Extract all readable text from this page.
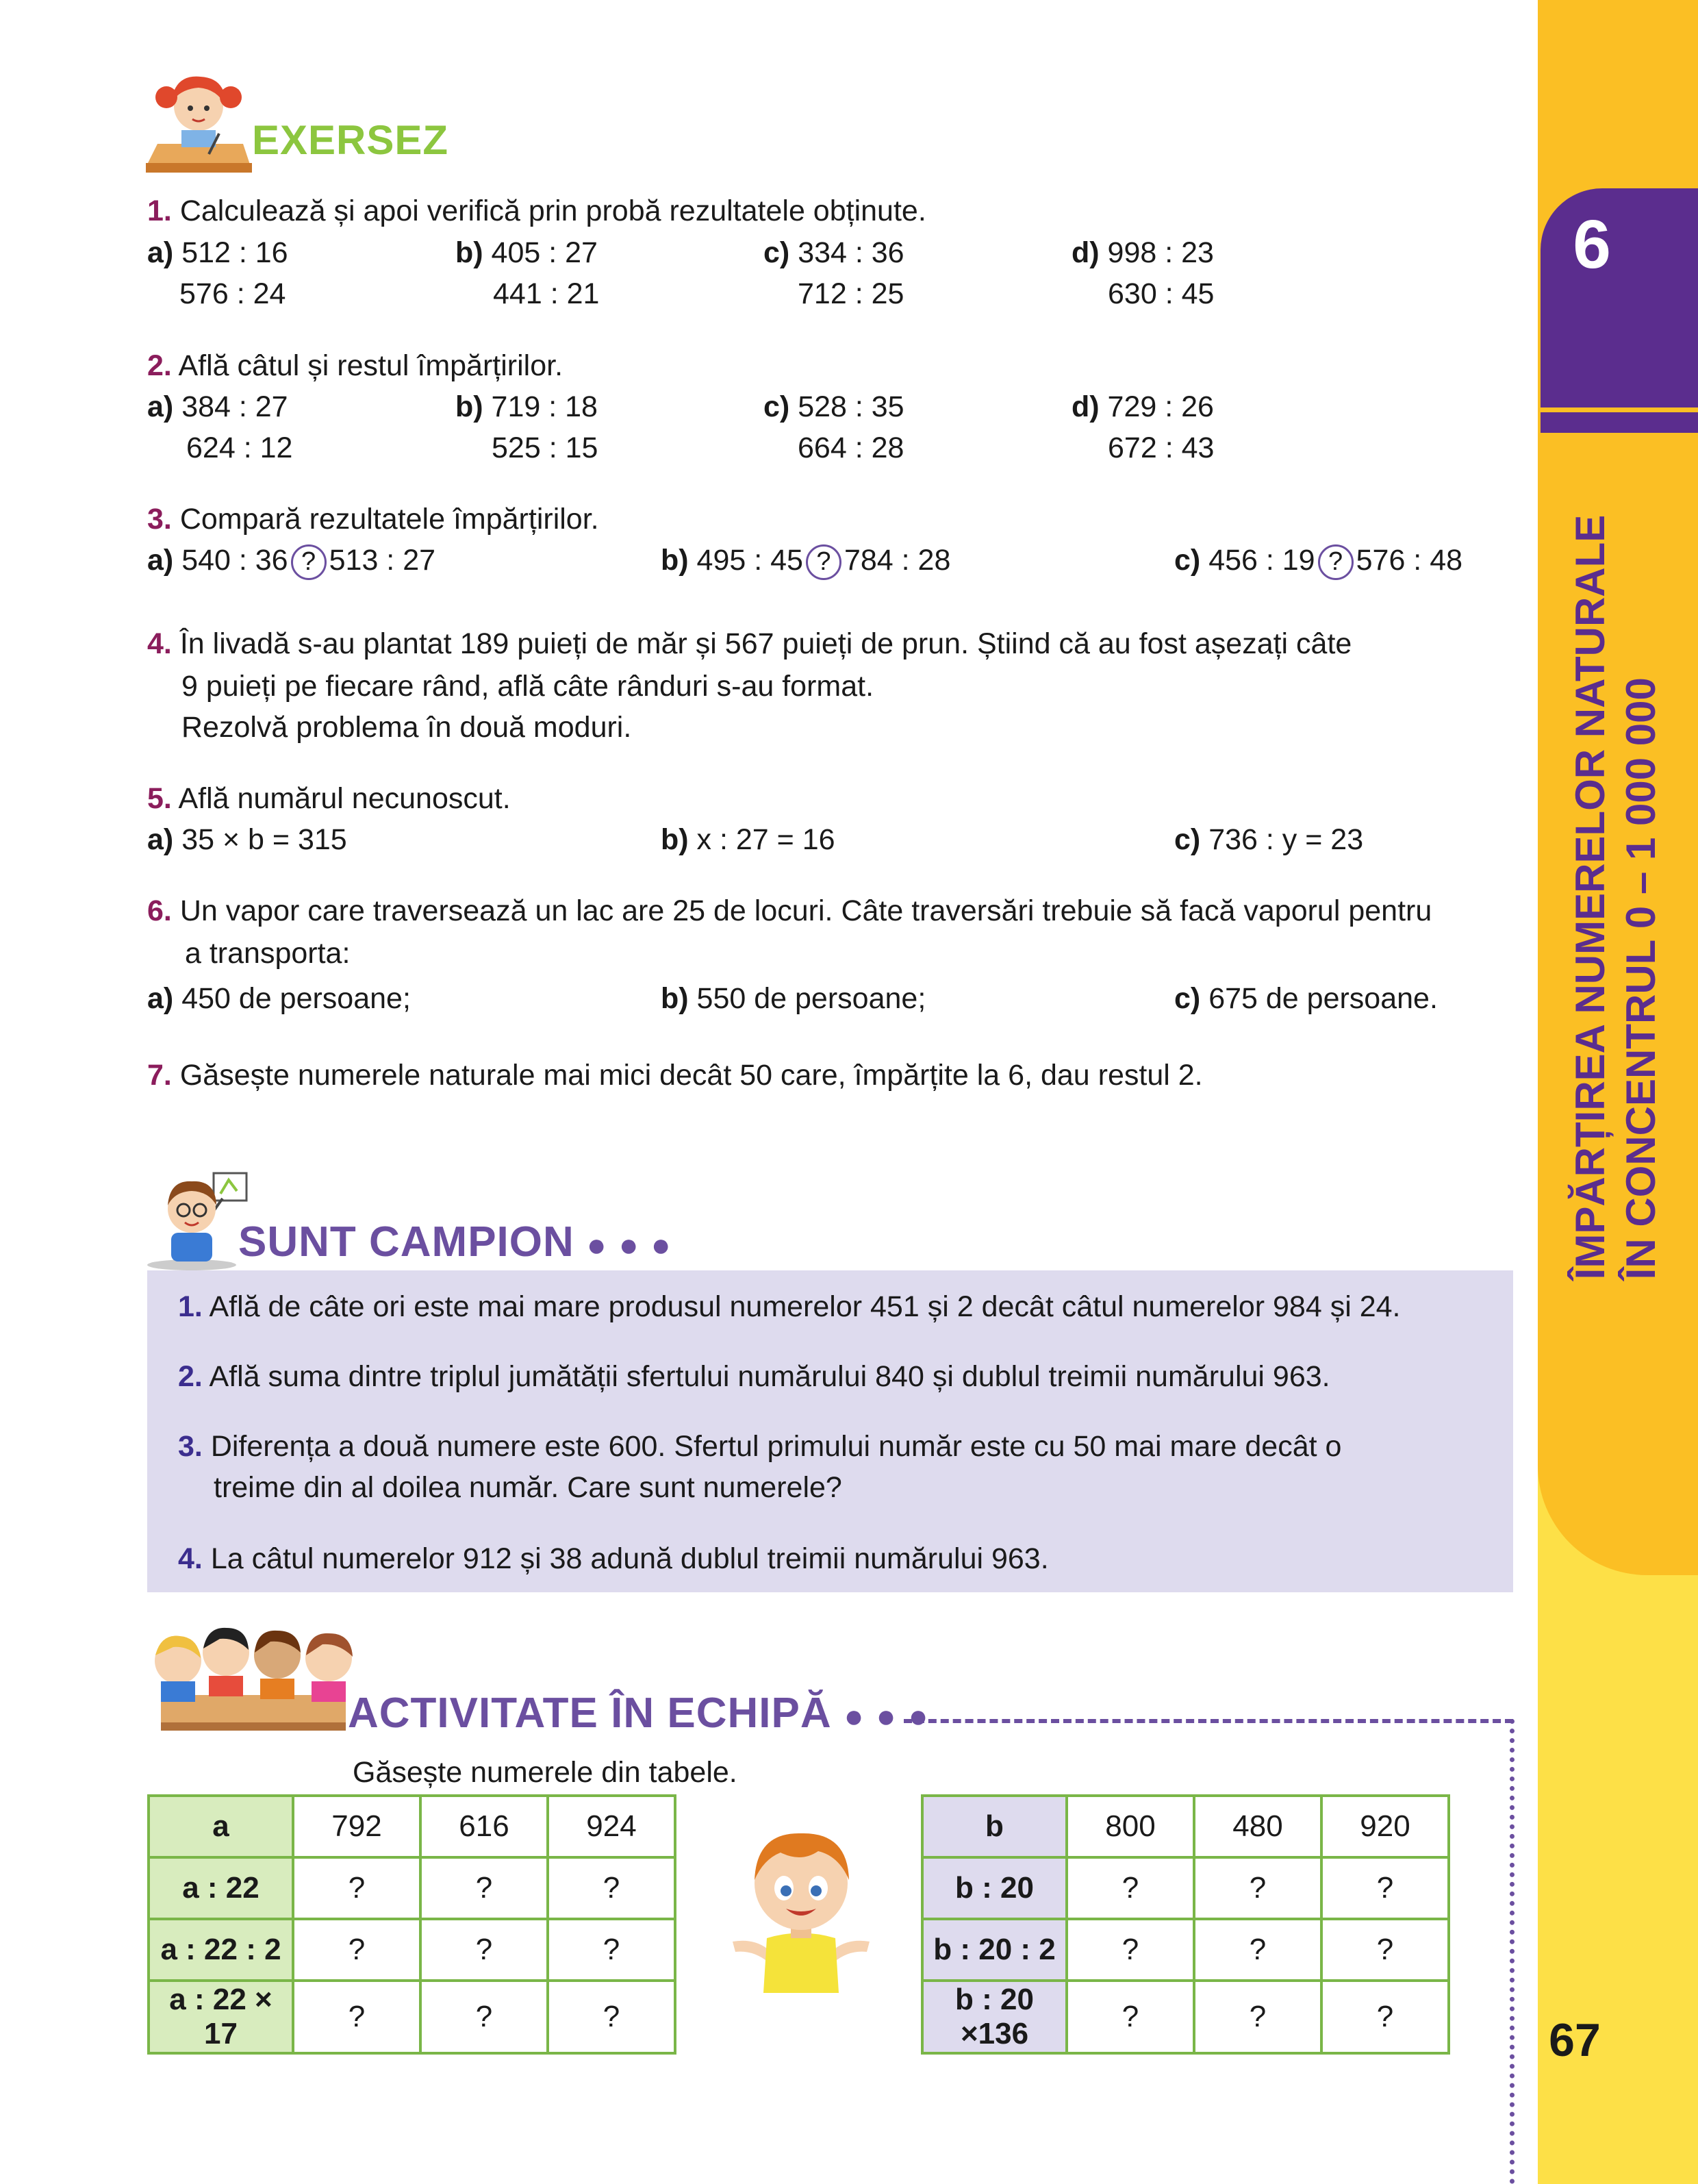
6
ÎMPĂRȚIREA NUMERELOR NATURALE ÎN CONCENTRUL 0 – 1 000 000
67
EXERSEZ
1. Calculează și apoi verifică prin probă rezultatele obținute.
a) 512 : 16
576 : 24
b) 405 : 27
441 : 21
c) 334 : 36
712 : 25
d) 998 : 23
630 : 45
2. Află câtul și restul împărțirilor.
a) 384 : 27
624 : 12
b) 719 : 18
525 : 15
c) 528 : 35
664 : 28
d) 729 : 26
672 : 43
3. Compară rezultatele împărțirilor.
a) 540 : 36 ? 513 : 27	b) 495 : 45 ? 784 : 28	c) 456 : 19 ? 576 : 48
4. În livadă s-au plantat 189 puieți de măr și 567 puieți de prun. Știind că au fost așezați câte
9 puieți pe fiecare rând, află câte rânduri s-au format.
Rezolvă problema în două moduri.
5. Află numărul necunoscut.
a) 35 × b = 315	b) x : 27 = 16	c) 736 : y = 23
6. Un vapor care traversează un lac are 25 de locuri. Câte traversări trebuie să facă vaporul pentru
a transporta:
a) 450 de persoane;	b) 550 de persoane;	c) 675 de persoane.
7. Găsește numerele naturale mai mici decât 50 care, împărțite la 6, dau restul 2.
SUNT CAMPION ●●●
1. Află de câte ori este mai mare produsul numerelor 451 și 2 decât câtul numerelor 984 și 24.
2. Află suma dintre triplul jumătății sfertului numărului 840 și dublul treimii numărului 963.
3. Diferența a două numere este 600. Sfertul primului număr este cu 50 mai mare decât o
treime din al doilea număr. Care sunt numerele?
4. La câtul numerelor 912 și 38 adună dublul treimii numărului 963.
ACTIVITATE ÎN ECHIPĂ ●●●
Găsește numerele din tabele.
a	792	616	924
a : 22	?	?	?
a : 22 : 2	?	?	?
a : 22 × 17	?	?	?
b	800	480	920
b : 20	?	?	?
b : 20 : 2	?	?	?
b : 20 ×136	?	?	?
